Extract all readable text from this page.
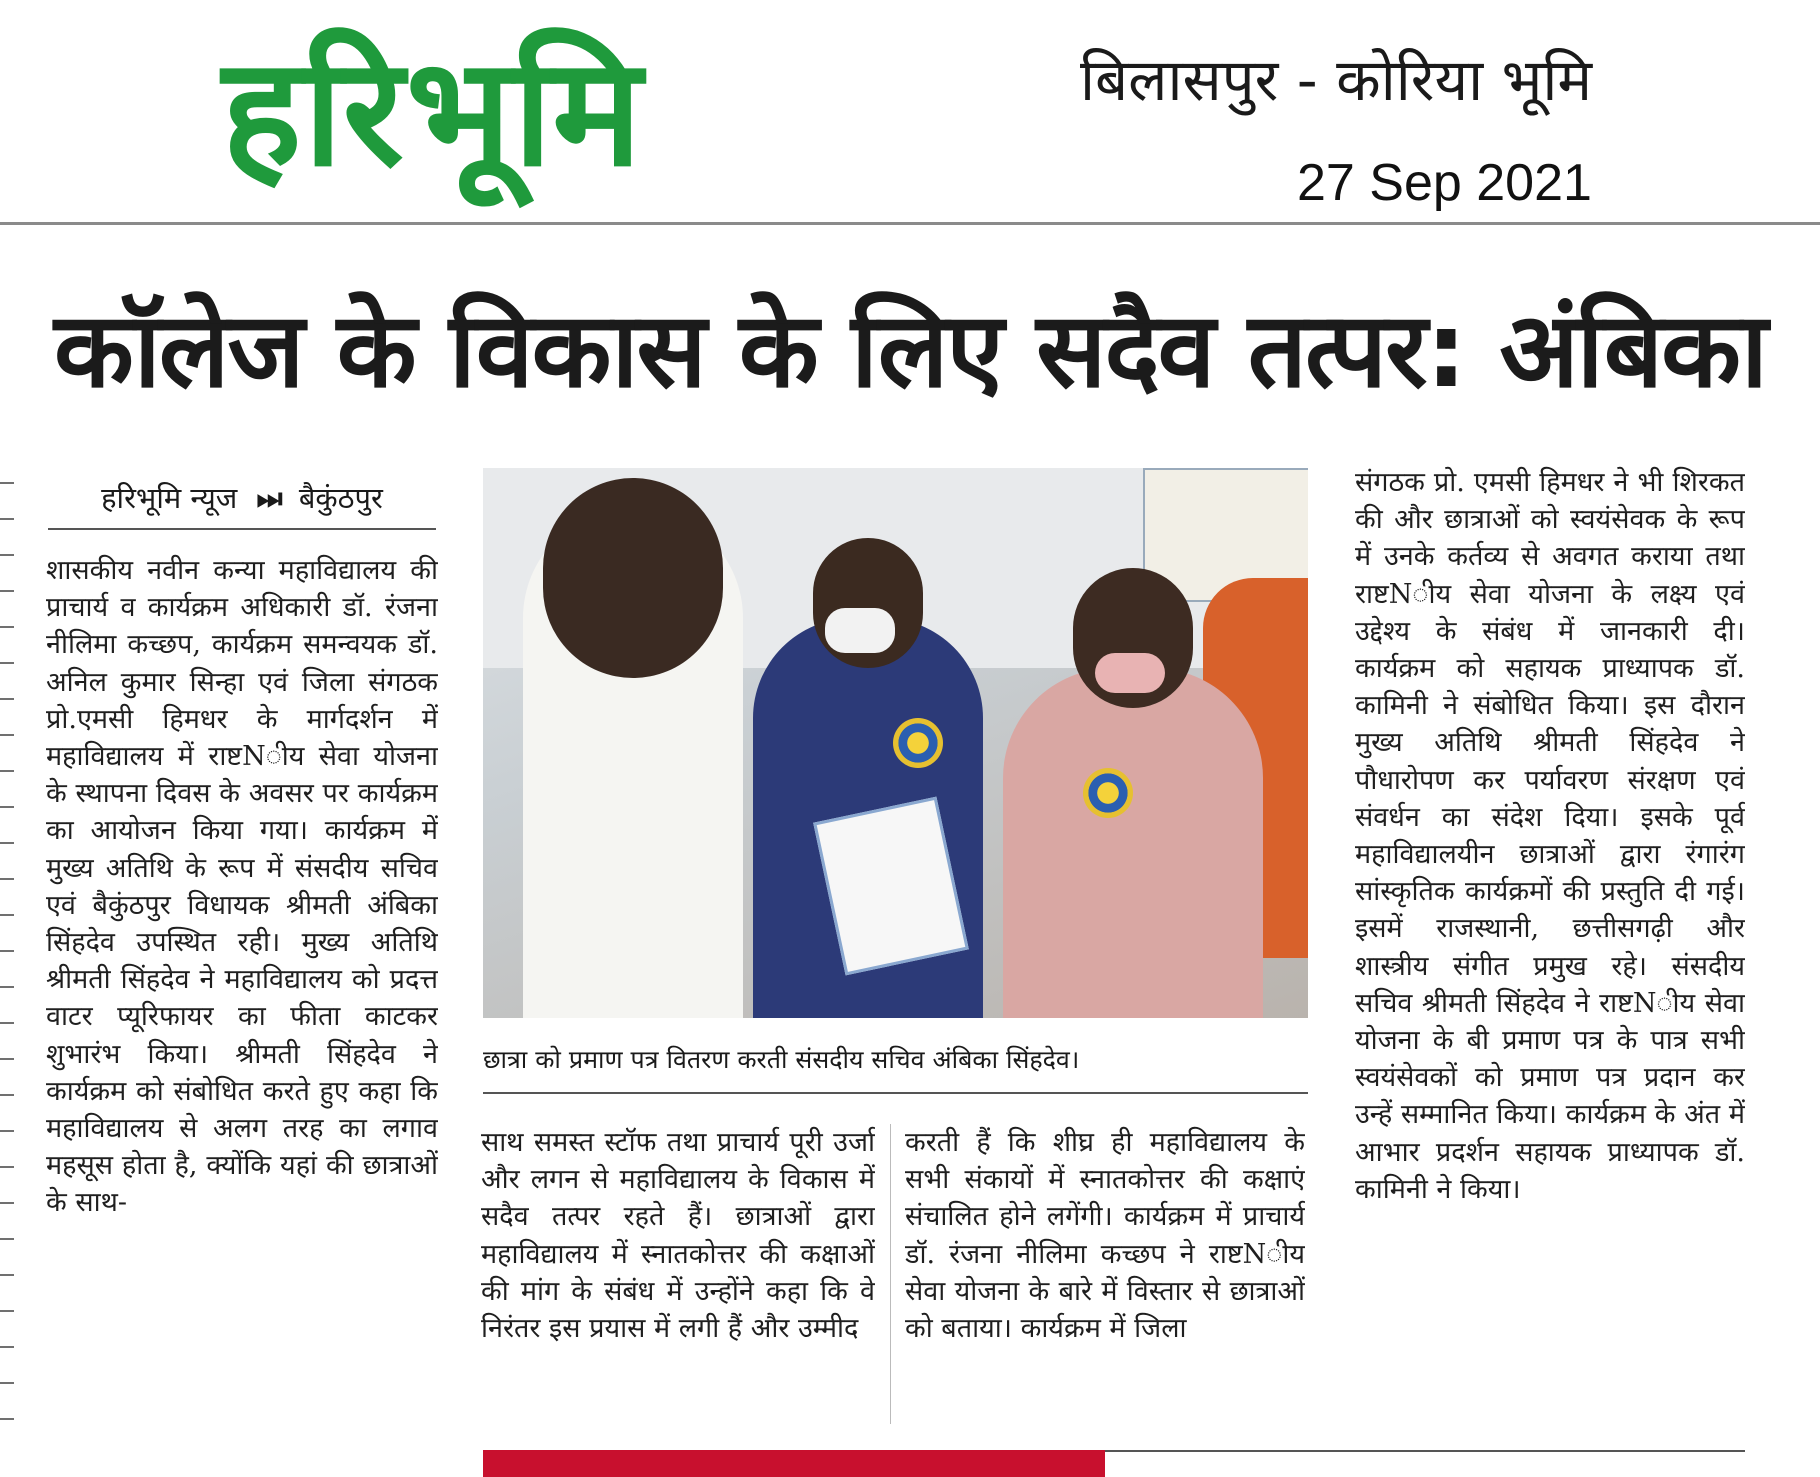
हरिभूमि	बिलासपुर - कोरिया भूमि
27 Sep 2021
कॉलेज के विकास के लिए सदैव तत्पर: अंबिका
हरिभूमि न्यूज ⏭ बैकुंठपुर
शासकीय नवीन कन्या महाविद्यालय की प्राचार्य व कार्यक्रम अधिकारी डॉ. रंजना नीलिमा कच्छप, कार्यक्रम समन्वयक डॉ. अनिल कुमार सिन्हा एवं जिला संगठक प्रो.एमसी हिमधर के मार्गदर्शन में महाविद्यालय में राष्टNीय सेवा योजना के स्थापना दिवस के अवसर पर कार्यक्रम का आयोजन किया गया। कार्यक्रम में मुख्य अतिथि के रूप में संसदीय सचिव एवं बैकुंठपुर विधायक श्रीमती अंबिका सिंहदेव उपस्थित रही। मुख्य अतिथि श्रीमती सिंहदेव ने महाविद्यालय को प्रदत्त वाटर प्यूरिफायर का फीता काटकर शुभारंभ किया। श्रीमती सिंहदेव ने कार्यक्रम को संबोधित करते हुए कहा कि महाविद्यालय से अलग तरह का लगाव महसूस होता है, क्योंकि यहां की छात्राओं के साथ-
छात्रा को प्रमाण पत्र वितरण करती संसदीय सचिव अंबिका सिंहदेव।
साथ समस्त स्टॉफ तथा प्राचार्य पूरी उर्जा और लगन से महाविद्यालय के विकास में सदैव तत्पर रहते हैं। छात्राओं द्वारा महाविद्यालय में स्नातकोत्तर की कक्षाओं की मांग के संबंध में उन्होंने कहा कि वे निरंतर इस प्रयास में लगी हैं और उम्मीद
करती हैं कि शीघ्र ही महाविद्यालय के सभी संकायों में स्नातकोत्तर की कक्षाएं संचालित होने लगेंगी। कार्यक्रम में प्राचार्य डॉ. रंजना नीलिमा कच्छप ने राष्टNीय सेवा योजना के बारे में विस्तार से छात्राओं को बताया। कार्यक्रम में जिला
संगठक प्रो. एमसी हिमधर ने भी शिरकत की और छात्राओं को स्वयंसेवक के रूप में उनके कर्तव्य से अवगत कराया तथा राष्टNीय सेवा योजना के लक्ष्य एवं उद्देश्य के संबंध में जानकारी दी। कार्यक्रम को सहायक प्राध्यापक डॉ. कामिनी ने संबोधित किया। इस दौरान मुख्य अतिथि श्रीमती सिंहदेव ने पौधारोपण कर पर्यावरण संरक्षण एवं संवर्धन का संदेश दिया। इसके पूर्व महाविद्यालयीन छात्राओं द्वारा रंगारंग सांस्कृतिक कार्यक्रमों की प्रस्तुति दी गई। इसमें राजस्थानी, छत्तीसगढ़ी और शास्त्रीय संगीत प्रमुख रहे। संसदीय सचिव श्रीमती सिंहदेव ने राष्टNीय सेवा योजना के बी प्रमाण पत्र के पात्र सभी स्वयंसेवकों को प्रमाण पत्र प्रदान कर उन्हें सम्मानित किया। कार्यक्रम के अंत में आभार प्रदर्शन सहायक प्राध्यापक डॉ. कामिनी ने किया।
